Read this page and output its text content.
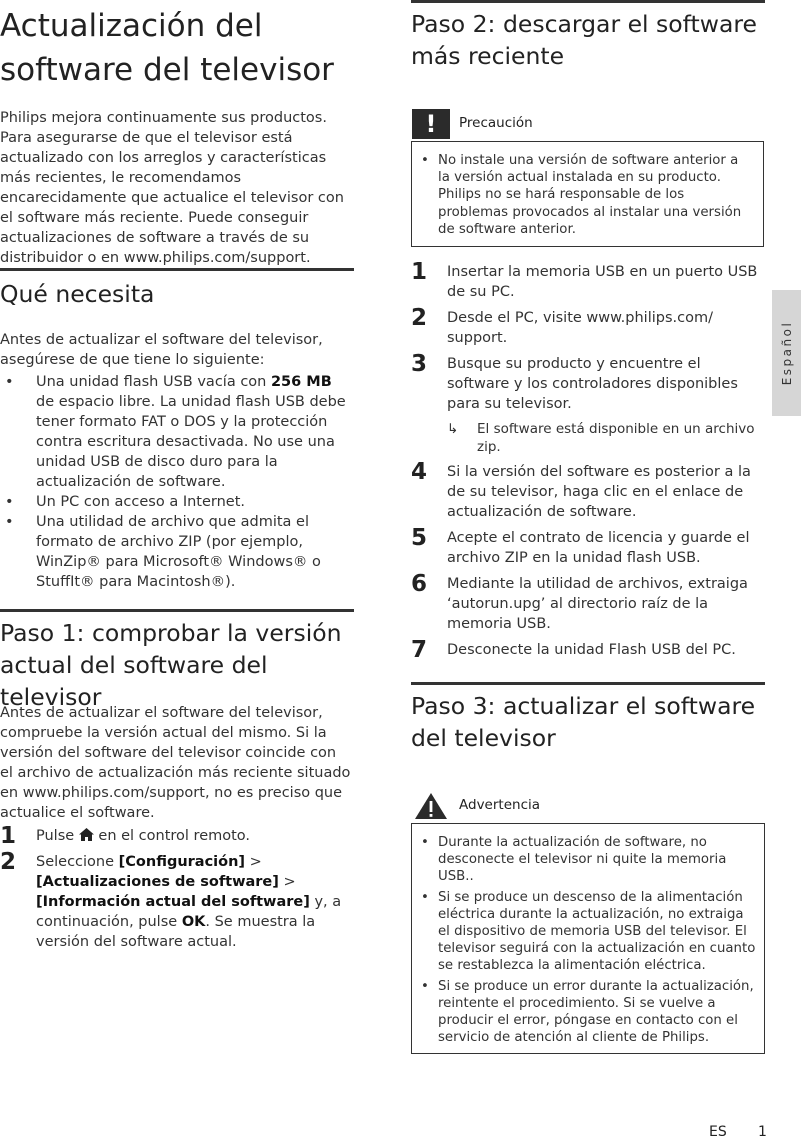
Actualización del software del televisor

Philips mejora continuamente sus productos. Para asegurarse de que el televisor está actualizado con los arreglos y características más recientes, le recomendamos encarecidamente que actualice el televisor con el software más reciente. Puede conseguir actualizaciones de software a través de su distribuidor o en www.philips.com/support.

Qué necesita

Antes de actualizar el software del televisor, asegúrese de que tiene lo siguiente:

• Una unidad flash USB vacía con 256 MB de espacio libre. La unidad flash USB debe tener formato FAT o DOS y la protección contra escritura desactivada. No use una unidad USB de disco duro para la actualización de software.
• Un PC con acceso a Internet.
• Una utilidad de archivo que admita el formato de archivo ZIP (por ejemplo, WinZip® para Microsoft® Windows® o StuffIt® para Macintosh®).
Paso 1: comprobar la versión actual del software del televisor

Antes de actualizar el software del televisor, compruebe la versión actual del mismo. Si la versión del software del televisor coincide con el archivo de actualización más reciente situado en www.philips.com/support, no es preciso que actualice el software.

1 Pulse  en el control remoto.
2 Seleccione [Configuración] > [Actualizaciones de software] > [Información actual del software] y, a continuación, pulse OK. Se muestra la versión del software actual.
Paso 2: descargar el software más reciente
!	Precaución
• No instale una versión de software anterior a la versión actual instalada en su producto. Philips no se hará responsable de los problemas provocados al instalar una versión de software anterior.
1 Insertar la memoria USB en un puerto USB de su PC.
2 Desde el PC, visite www.philips.com/ support.
3 Busque su producto y encuentre el software y los controladores disponibles para su televisor.
↳ El software está disponible en un archivo zip.
4 Si la versión del software es posterior a la de su televisor, haga clic en el enlace de actualización de software.
5 Acepte el contrato de licencia y guarde el archivo ZIP en la unidad flash USB.
6 Mediante la utilidad de archivos, extraiga ‘autorun.upg’ al directorio raíz de la memoria USB.
7 Desconecte la unidad Flash USB del PC.
Paso 3: actualizar el software del televisor
Advertencia
• Durante la actualización de software, no desconecte el televisor ni quite la memoria USB..
• Si se produce un descenso de la alimentación eléctrica durante la actualización, no extraiga el dispositivo de memoria USB del televisor. El televisor seguirá con la actualización en cuanto se restablezca la alimentación eléctrica.
• Si se produce un error durante la actualización, reintente el procedimiento. Si se vuelve a producir el error, póngase en contacto con el servicio de atención al cliente de Philips.
Español
ES 1
